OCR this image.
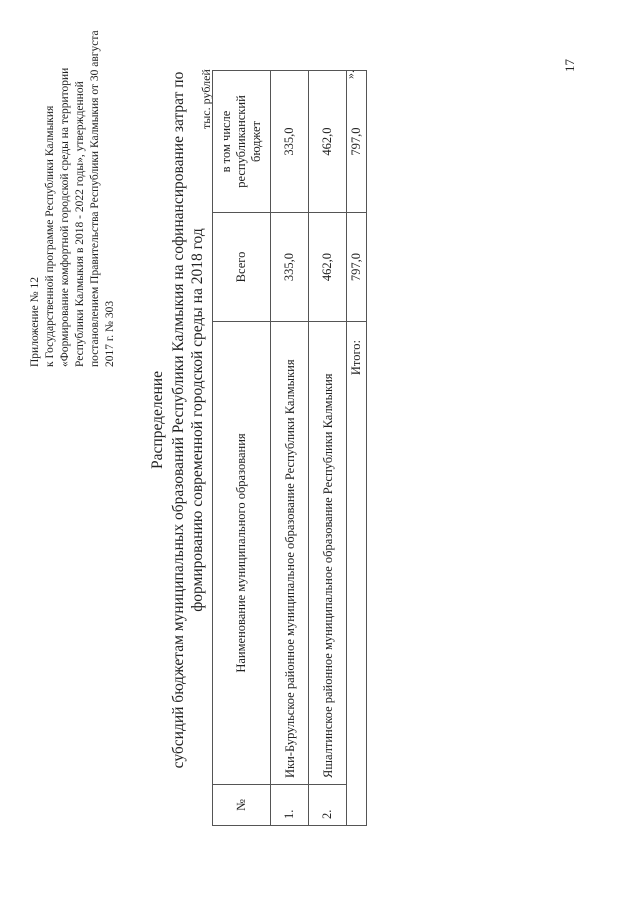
17
Приложение № 12
к Государственной программе Республики Калмыкия «Формирование комфортной городской среды на территории Республики Калмыкия в 2018 - 2022 годы», утвержденной постановлением Правительства Республики Калмыкия от 30 августа 2017 г. № 303
Распределение субсидий бюджетам муниципальных образований Республики Калмыкия на софинансирование затрат по формированию современной городской среды на 2018 год
тыс. рублей
№	Наименование муниципального образования	Всего	в том числе республиканский бюджет
1.	Ики-Бурульское районное муниципальное образование Республики Калмыкия	335,0	335,0
2.	Яшалтинское районное муниципальное образование Республики Калмыкия	462,0	462,0
Итого:		797,0	797,0
».
